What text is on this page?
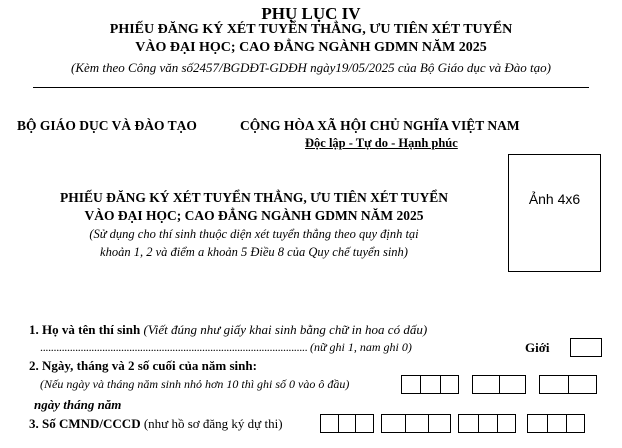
PHỤ LỤC IV
PHIẾU ĐĂNG KÝ XÉT TUYỂN THẲNG, ƯU TIÊN XÉT TUYỂN
VÀO ĐẠI HỌC; CAO ĐẲNG NGÀNH GDMN NĂM 2025
(Kèm theo Công văn số2457/BGDĐT-GDĐH ngày19/05/2025 của Bộ Giáo dục và Đào tạo)
BỘ GIÁO DỤC VÀ ĐÀO TẠO	CỘNG HÒA XÃ HỘI CHỦ NGHĨA VIỆT NAM
Độc lập - Tự do - Hạnh phúc
Ảnh 4x6
PHIẾU ĐĂNG KÝ XÉT TUYỂN THẲNG, ƯU TIÊN XÉT TUYỂN
VÀO ĐẠI HỌC; CAO ĐẲNG NGÀNH GDMN NĂM 2025
(Sử dụng cho thí sinh thuộc diện xét tuyển thẳng theo quy định tại
khoản 1, 2 và điểm a khoản 5 Điều 8 của Quy chế tuyển sinh)
1. Họ và tên thí sinh (Viết đúng như giấy khai sinh bằng chữ in hoa có dấu)
................................................................................................... (nữ ghi 1, nam ghi 0)	Giới
2. Ngày, tháng và 2 số cuối của năm sinh:
(Nếu ngày và tháng năm sinh nhỏ hơn 10 thì ghi số 0 vào ô đầu)
ngày tháng năm
3. Số CMND/CCCD (như hồ sơ đăng ký dự thi)
